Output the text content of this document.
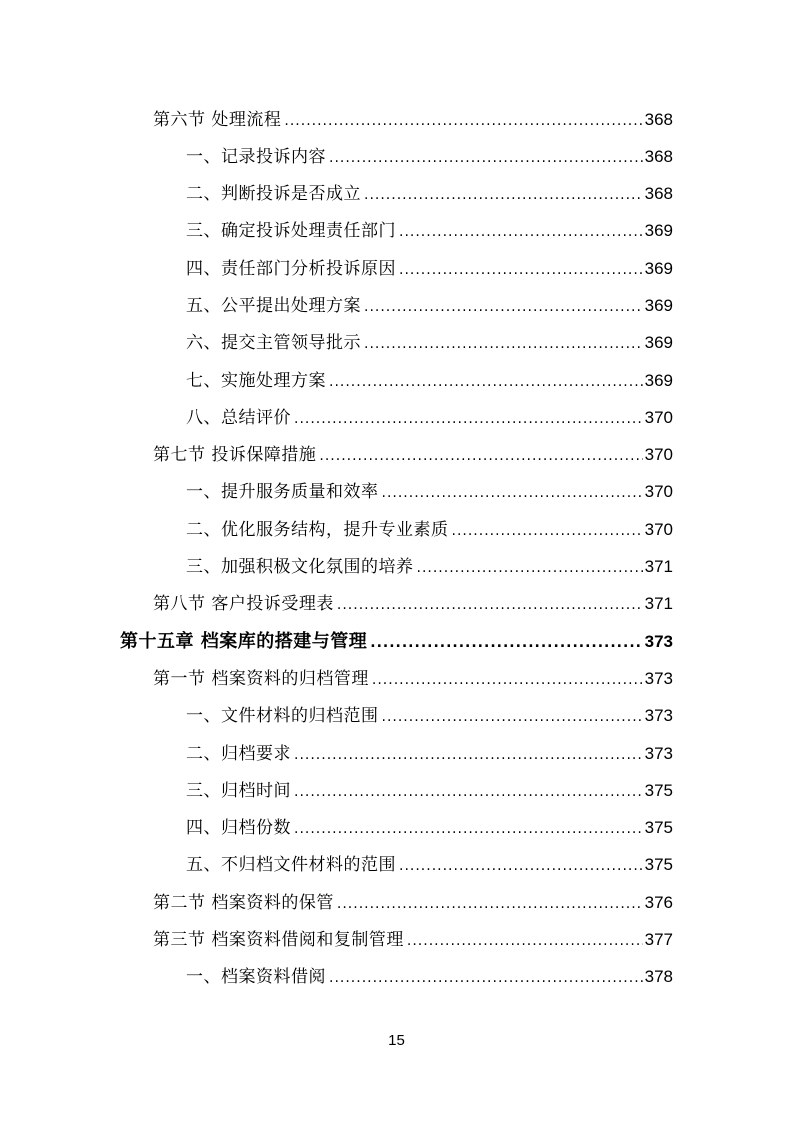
第六节 处理流程 .....	368
一、记录投诉内容 .....	368
二、判断投诉是否成立 .....	368
三、确定投诉处理责任部门 .....	369
四、责任部门分析投诉原因 .....	369
五、公平提出处理方案 .....	369
六、提交主管领导批示 .....	369
七、实施处理方案 .....	369
八、总结评价 .....	370
第七节 投诉保障措施 .....	370
一、提升服务质量和效率 .....	370
二、优化服务结构，提升专业素质 .....	370
三、加强积极文化氛围的培养 .....	371
第八节 客户投诉受理表 .....	371
第十五章 档案库的搭建与管理 .....	373
第一节 档案资料的归档管理 .....	373
一、文件材料的归档范围 .....	373
二、归档要求 .....	373
三、归档时间 .....	375
四、归档份数 .....	375
五、不归档文件材料的范围 .....	375
第二节 档案资料的保管 .....	376
第三节 档案资料借阅和复制管理 .....	377
一、档案资料借阅 .....	378
15
